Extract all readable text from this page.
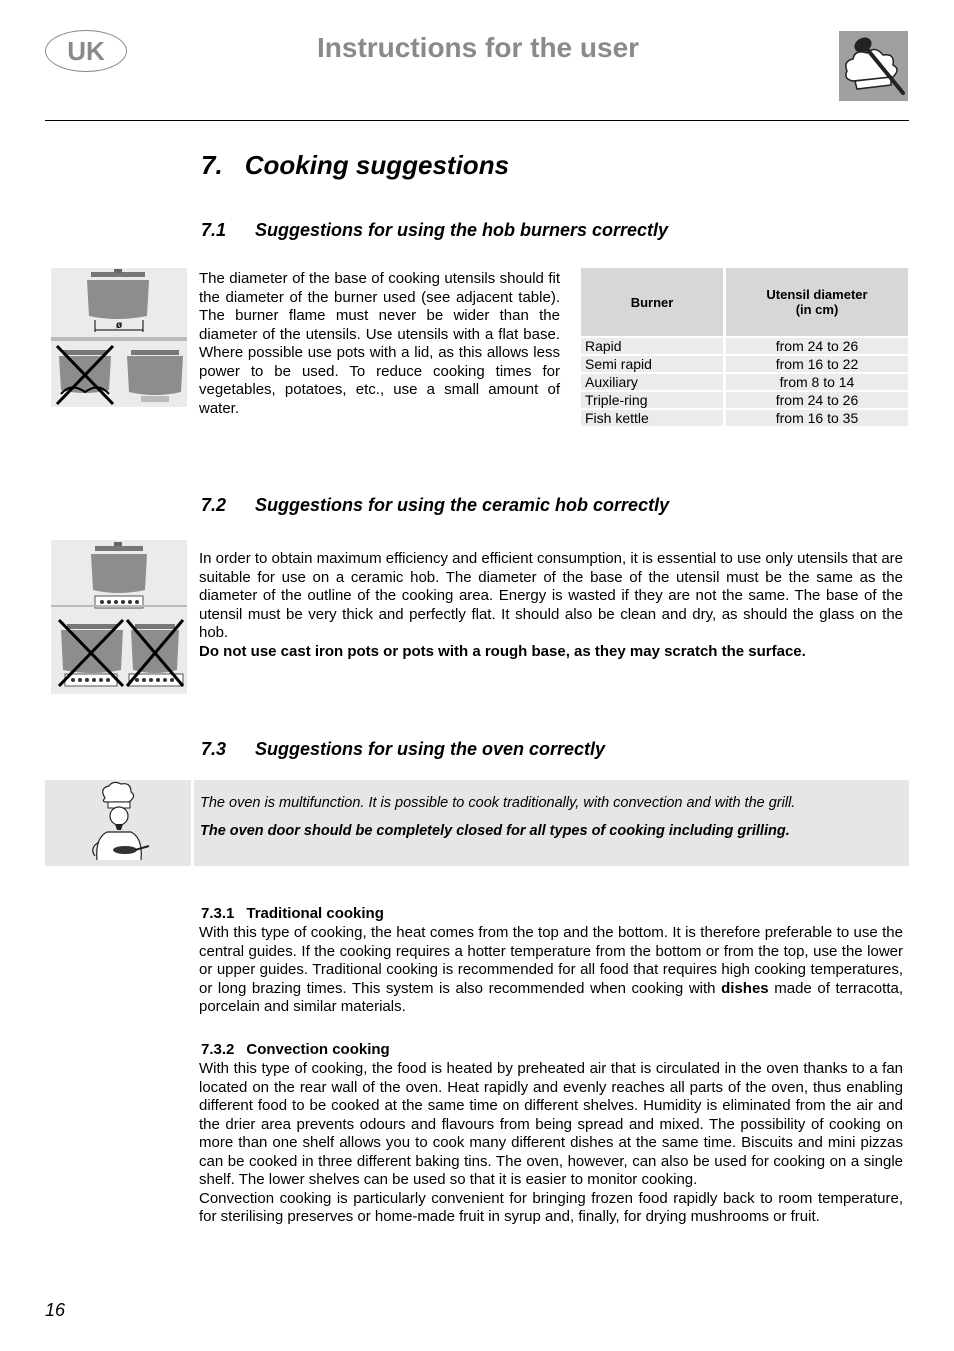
UK	Instructions for the user
7. Cooking suggestions
7.1 Suggestions for using the hob burners correctly
ø
The diameter of the base of cooking utensils should fit the diameter of the burner used (see adjacent table). The burner flame must never be wider than the diameter of the utensils. Use utensils with a flat base. Where possible use pots with a lid, as this allows less power to be used. To reduce cooking times for vegetables, potatoes, etc., use a small amount of water.
Burner	Utensil diameter
(in cm)
Rapid	from 24 to 26
Semi rapid	from 16 to 22
Auxiliary	from 8 to 14
Triple-ring	from 24 to 26
Fish kettle	from 16 to 35
7.2 Suggestions for using the ceramic hob correctly
In order to obtain maximum efficiency and efficient consumption, it is essential to use only utensils that are suitable for use on a ceramic hob. The diameter of the base of the utensil must be the same as the diameter of the outline of the cooking area. Energy is wasted if they are not the same. The base of the utensil must be very thick and perfectly flat. It should also be clean and dry, as should the glass on the hob.
Do not use cast iron pots or pots with a rough base, as they may scratch the surface.
7.3 Suggestions for using the oven correctly
The oven is multifunction. It is possible to cook traditionally, with convection and with the grill.
The oven door should be completely closed for all types of cooking including grilling.
7.3.1 Traditional cooking
With this type of cooking, the heat comes from the top and the bottom. It is therefore preferable to use the central guides. If the cooking requires a hotter temperature from the bottom or from the top, use the lower or upper guides. Traditional cooking is recommended for all food that requires high cooking temperatures, or long brazing times. This system is also recommended when cooking with dishes made of terracotta, porcelain and similar materials.
7.3.2 Convection cooking
With this type of cooking, the food is heated by preheated air that is circulated in the oven thanks to a fan located on the rear wall of the oven. Heat rapidly and evenly reaches all parts of the oven, thus enabling different food to be cooked at the same time on different shelves. Humidity is eliminated from the air and the drier area prevents odours and flavours from being spread and mixed. The possibility of cooking on more than one shelf allows you to cook many different dishes at the same time. Biscuits and mini pizzas can be cooked in three different baking tins. The oven, however, can also be used for cooking on a single shelf. The lower shelves can be used so that it is easier to monitor cooking.
Convection cooking is particularly convenient for bringing frozen food rapidly back to room temperature, for sterilising preserves or home-made fruit in syrup and, finally, for drying mushrooms or fruit.
16
